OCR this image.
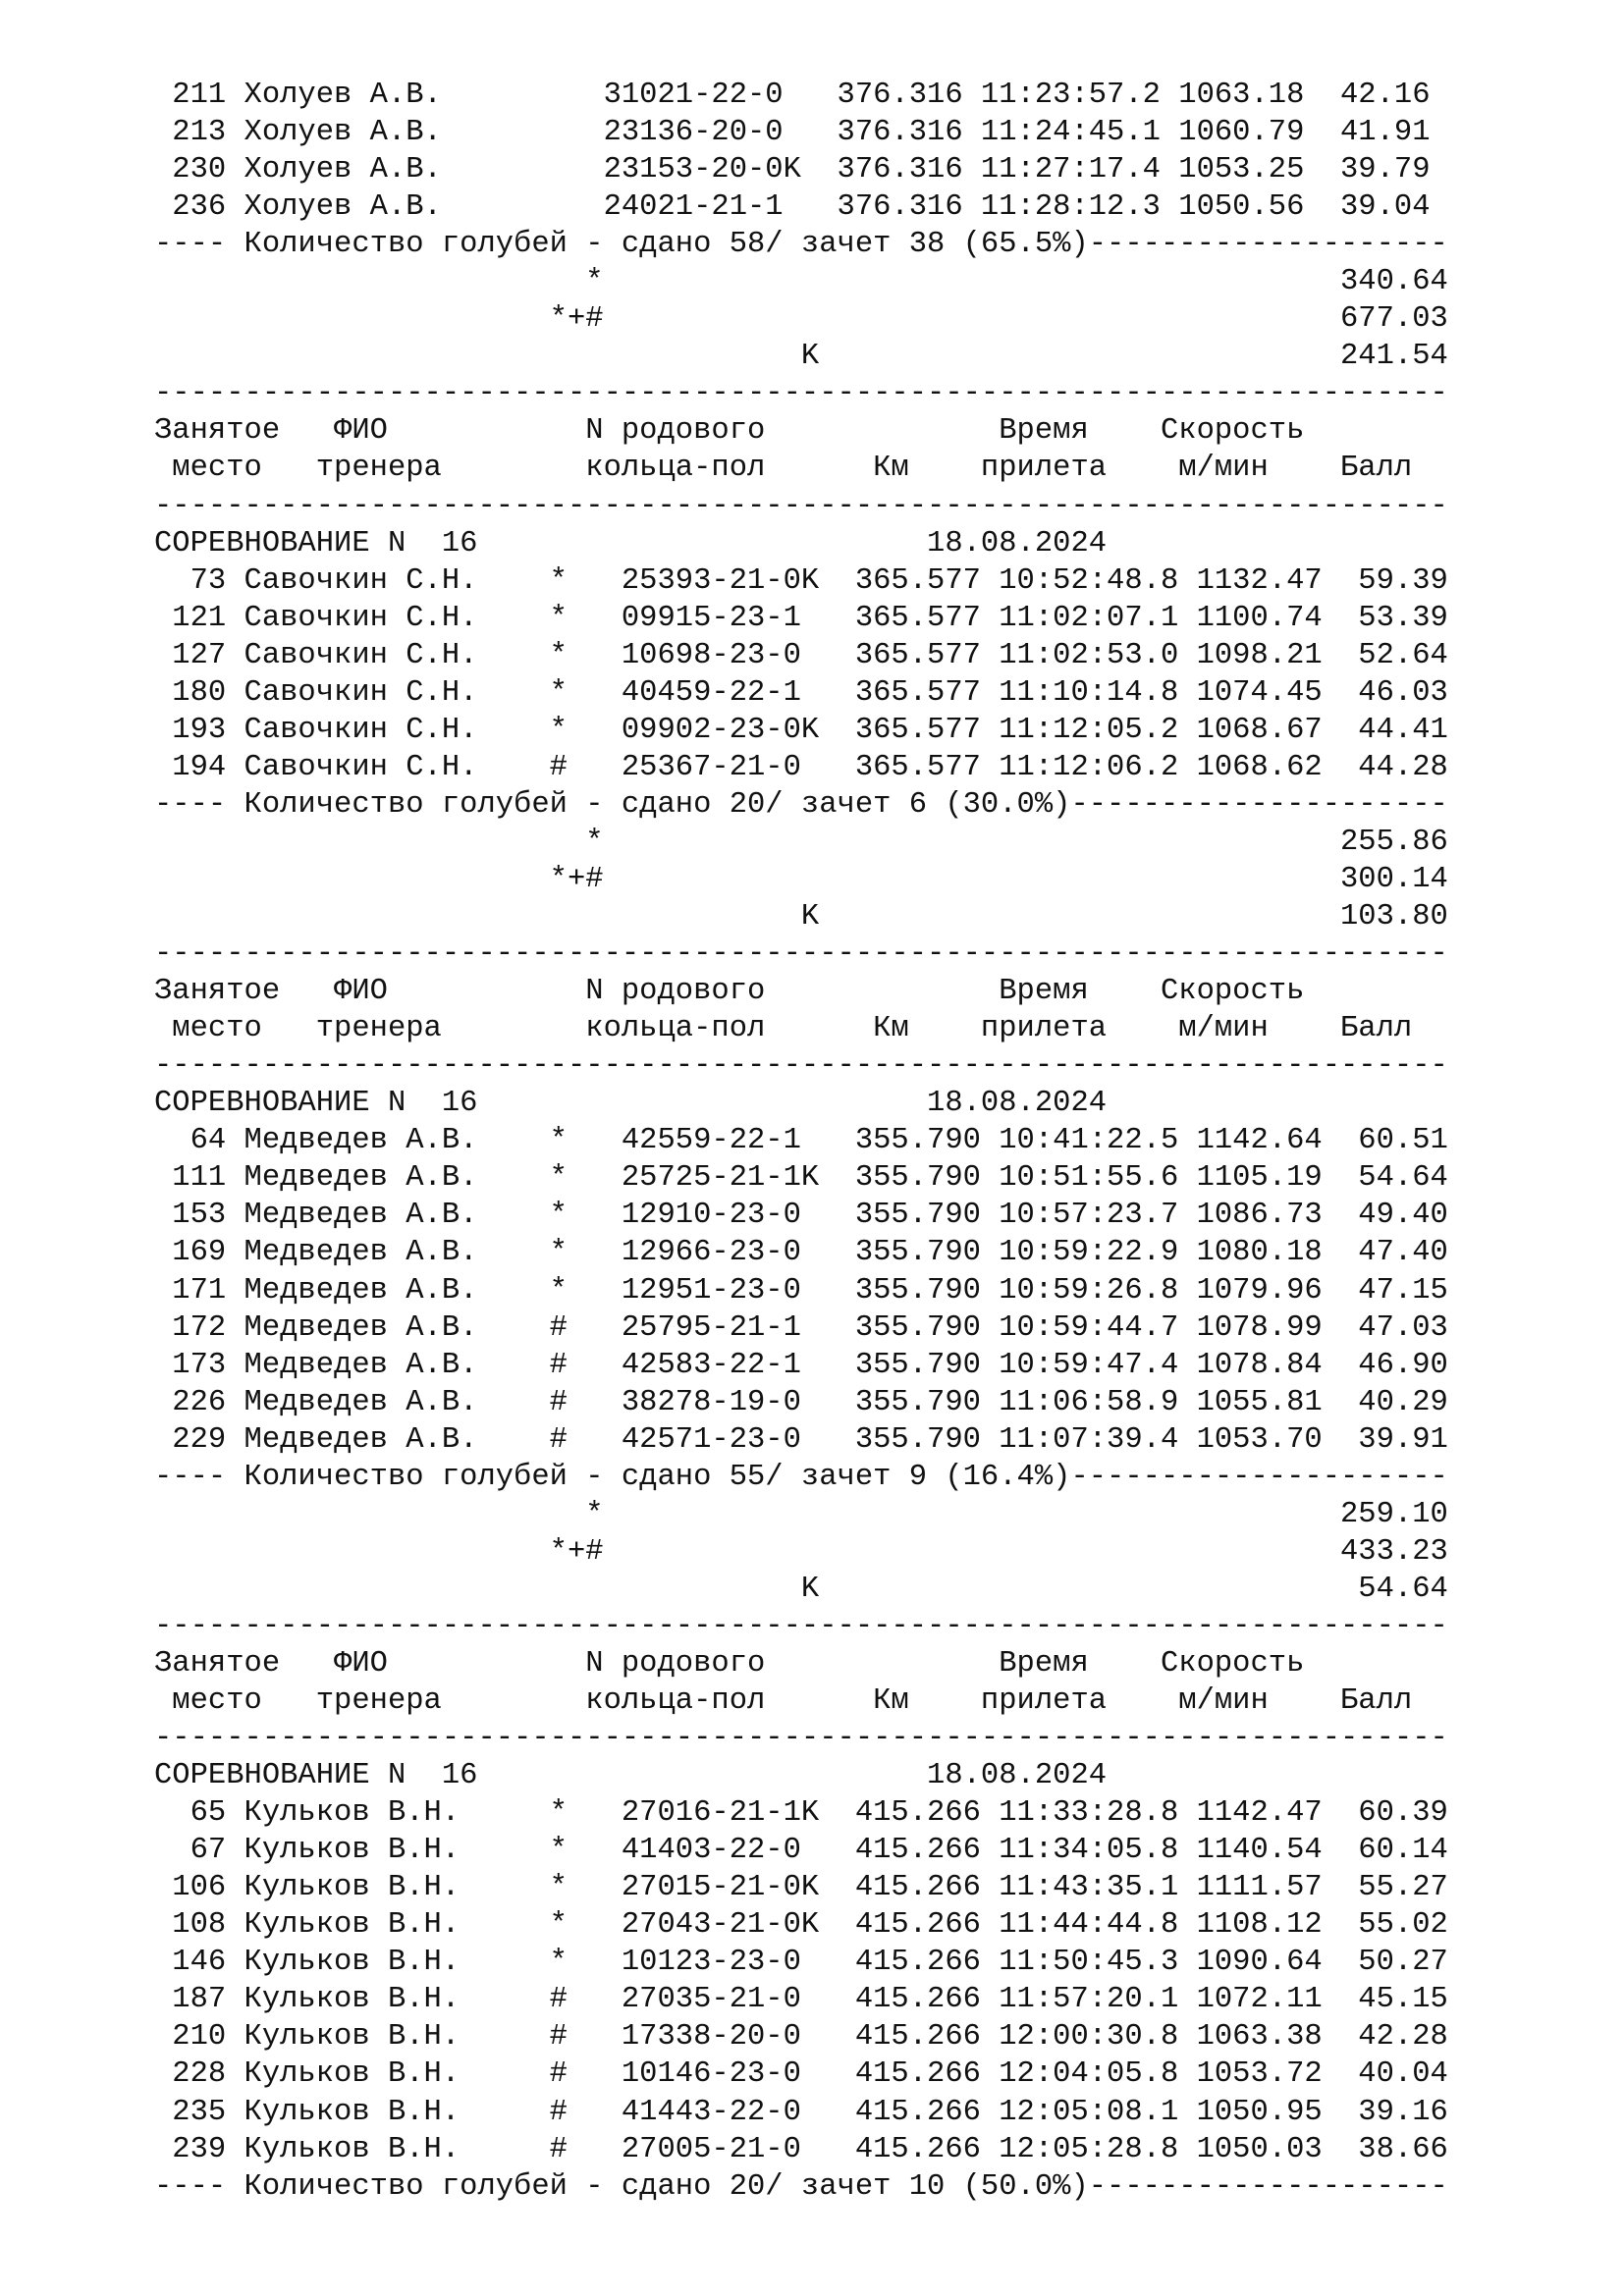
211 Холуев А.В.         31021-22-0   376.316 11:23:57.2 1063.18  42.16
213 Холуев А.В.         23136-20-0   376.316 11:24:45.1 1060.79  41.91
230 Холуев А.В.         23153-20-0K  376.316 11:27:17.4 1053.25  39.79
236 Холуев А.В.         24021-21-1   376.316 11:28:12.3 1050.56  39.04
---- Количество голубей - сдано 58/ зачет 38 (65.5%)--------------------
*                                         340.64
*+#                                         677.03
K                             241.54
------------------------------------------------------------------------
Занятое   ФИО           N родового             Время    Скорость
место   тренера        кольца-пол      Км    прилета    м/мин    Балл
------------------------------------------------------------------------
СОРЕВНОВАНИЕ N  16                         18.08.2024
73 Савочкин С.Н.    *   25393-21-0K  365.577 10:52:48.8 1132.47  59.39
121 Савочкин С.Н.    *   09915-23-1   365.577 11:02:07.1 1100.74  53.39
127 Савочкин С.Н.    *   10698-23-0   365.577 11:02:53.0 1098.21  52.64
180 Савочкин С.Н.    *   40459-22-1   365.577 11:10:14.8 1074.45  46.03
193 Савочкин С.Н.    *   09902-23-0K  365.577 11:12:05.2 1068.67  44.41
194 Савочкин С.Н.    #   25367-21-0   365.577 11:12:06.2 1068.62  44.28
---- Количество голубей - сдано 20/ зачет 6 (30.0%)---------------------
*                                         255.86
*+#                                         300.14
K                             103.80
------------------------------------------------------------------------
Занятое   ФИО           N родового             Время    Скорость
место   тренера        кольца-пол      Км    прилета    м/мин    Балл
------------------------------------------------------------------------
СОРЕВНОВАНИЕ N  16                         18.08.2024
64 Медведев А.В.    *   42559-22-1   355.790 10:41:22.5 1142.64  60.51
111 Медведев А.В.    *   25725-21-1K  355.790 10:51:55.6 1105.19  54.64
153 Медведев А.В.    *   12910-23-0   355.790 10:57:23.7 1086.73  49.40
169 Медведев А.В.    *   12966-23-0   355.790 10:59:22.9 1080.18  47.40
171 Медведев А.В.    *   12951-23-0   355.790 10:59:26.8 1079.96  47.15
172 Медведев А.В.    #   25795-21-1   355.790 10:59:44.7 1078.99  47.03
173 Медведев А.В.    #   42583-22-1   355.790 10:59:47.4 1078.84  46.90
226 Медведев А.В.    #   38278-19-0   355.790 11:06:58.9 1055.81  40.29
229 Медведев А.В.    #   42571-23-0   355.790 11:07:39.4 1053.70  39.91
---- Количество голубей - сдано 55/ зачет 9 (16.4%)---------------------
*                                         259.10
*+#                                         433.23
K                              54.64
------------------------------------------------------------------------
Занятое   ФИО           N родового             Время    Скорость
место   тренера        кольца-пол      Км    прилета    м/мин    Балл
------------------------------------------------------------------------
СОРЕВНОВАНИЕ N  16                         18.08.2024
65 Кульков В.Н.     *   27016-21-1K  415.266 11:33:28.8 1142.47  60.39
67 Кульков В.Н.     *   41403-22-0   415.266 11:34:05.8 1140.54  60.14
106 Кульков В.Н.     *   27015-21-0K  415.266 11:43:35.1 1111.57  55.27
108 Кульков В.Н.     *   27043-21-0K  415.266 11:44:44.8 1108.12  55.02
146 Кульков В.Н.     *   10123-23-0   415.266 11:50:45.3 1090.64  50.27
187 Кульков В.Н.     #   27035-21-0   415.266 11:57:20.1 1072.11  45.15
210 Кульков В.Н.     #   17338-20-0   415.266 12:00:30.8 1063.38  42.28
228 Кульков В.Н.     #   10146-23-0   415.266 12:04:05.8 1053.72  40.04
235 Кульков В.Н.     #   41443-22-0   415.266 12:05:08.1 1050.95  39.16
239 Кульков В.Н.     #   27005-21-0   415.266 12:05:28.8 1050.03  38.66
---- Количество голубей - сдано 20/ зачет 10 (50.0%)--------------------
